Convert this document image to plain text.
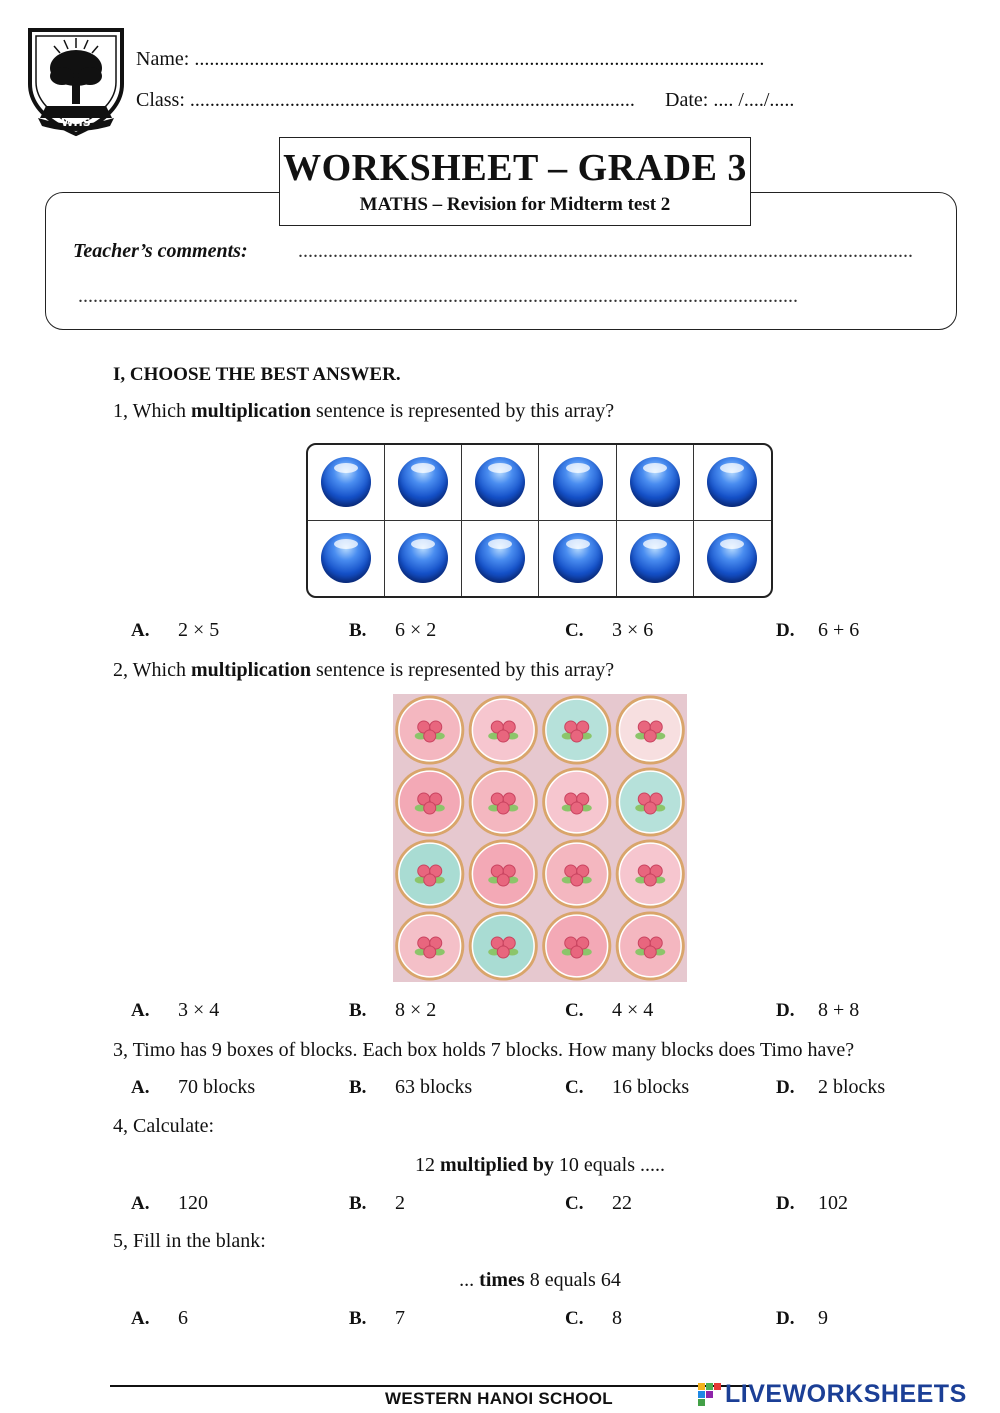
WHS
Name: ..................................................................................................................
Class: ......................................................................................... Date: .... /..../.....
WORKSHEET – GRADE 3
MATHS – Revision for Midterm test 2
Teacher’s comments:	...........................................................................................................................
................................................................................................................................................
I, CHOOSE THE BEST ANSWER.
1, Which multiplication sentence is represented by this array?
A. 2 × 5	B. 6 × 2	C. 3 × 6	D. 6 + 6
2, Which multiplication sentence is represented by this array?
A. 3 × 4	B. 8 × 2	C. 4 × 4	D. 8 + 8
3, Timo has 9 boxes of blocks. Each box holds 7 blocks. How many blocks does Timo have?
A. 70 blocks	B. 63 blocks	C. 16 blocks	D. 2 blocks
4, Calculate:
12 multiplied by 10 equals .....
A. 120	B. 2	C. 22	D. 102
5, Fill in the blank:
... times 8 equals 64
A. 6	B. 7	C. 8	D. 9
WESTERN HANOI SCHOOL	LIVEWORKSHEETS
